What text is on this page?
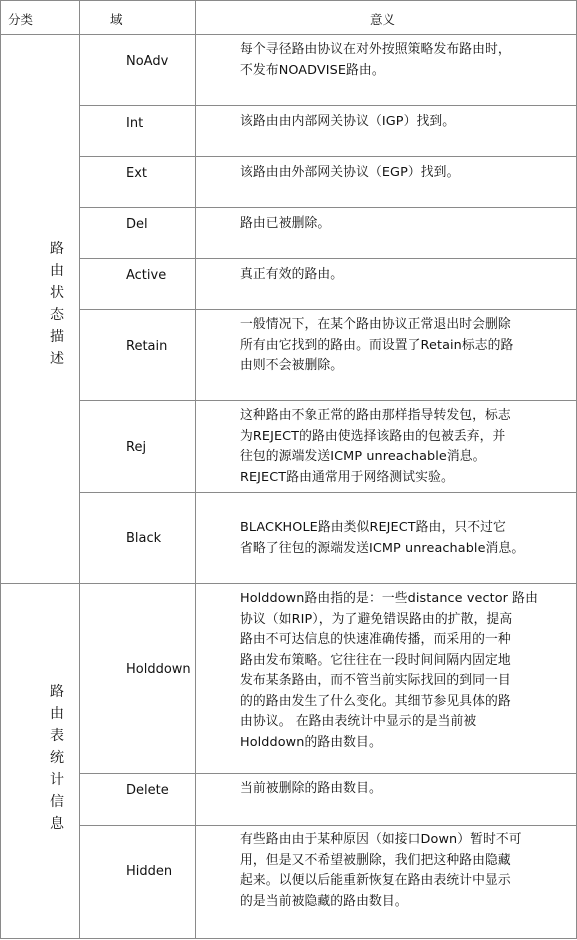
分类	域	意义
路
由
状
态
描
述
路
由
表
统
计
信
息
NoAdv
Int
Ext
Del
Active
Retain
Rej
Black
Holddown
Delete
Hidden
每个寻径路由协议在对外按照策略发布路由时，
不发布NOADVISE路由。
该路由由内部网关协议（IGP）找到。
该路由由外部网关协议（EGP）找到。
路由已被删除。
真正有效的路由。
一般情况下，在某个路由协议正常退出时会删除
所有由它找到的路由。而设置了Retain标志的路
由则不会被删除。
这种路由不象正常的路由那样指导转发包，标志
为REJECT的路由使选择该路由的包被丢弃，并
往包的源端发送ICMP unreachable消息。
REJECT路由通常用于网络测试实验。
BLACKHOLE路由类似REJECT路由，只不过它
省略了往包的源端发送ICMP unreachable消息。
Holddown路由指的是：一些distance vector 路由
协议（如RIP），为了避免错误路由的扩散，提高
路由不可达信息的快速准确传播，而采用的一种
路由发布策略。它往往在一段时间间隔内固定地
发布某条路由，而不管当前实际找回的到同一目
的的路由发生了什么变化。其细节参见具体的路
由协议。 在路由表统计中显示的是当前被
Holddown的路由数目。
当前被删除的路由数目。
有些路由由于某种原因（如接口Down）暂时不可
用，但是又不希望被删除，我们把这种路由隐藏
起来。以便以后能重新恢复在路由表统计中显示
的是当前被隐藏的路由数目。
